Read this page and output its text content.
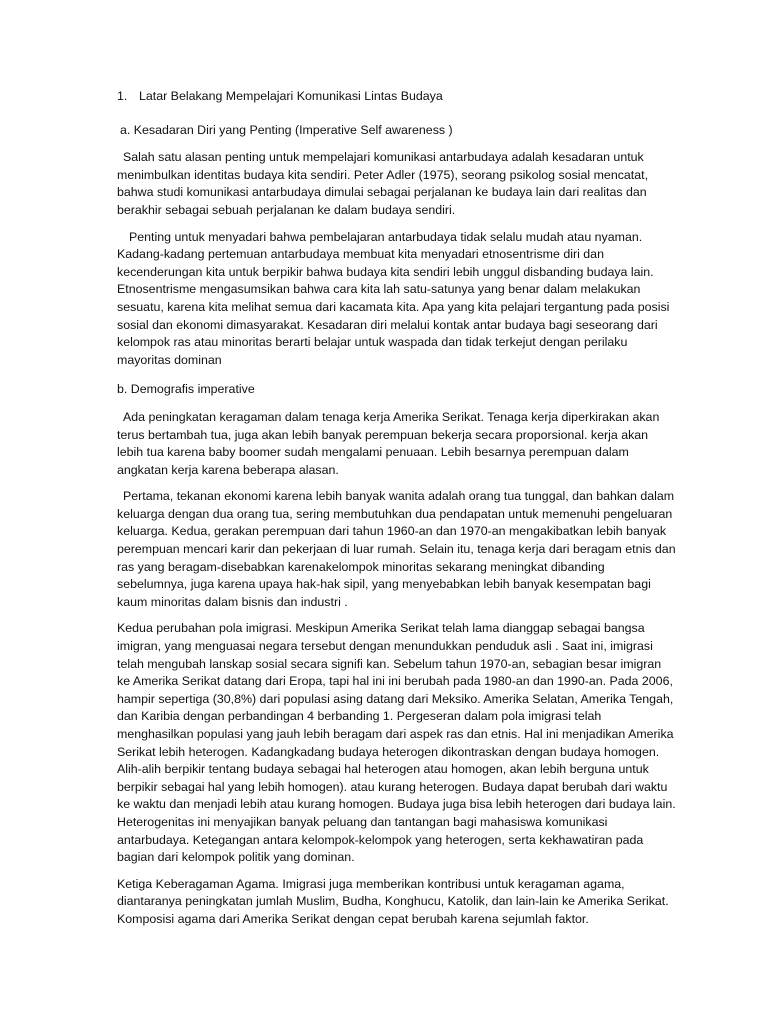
1. Latar Belakang Mempelajari Komunikasi Lintas Budaya

a. Kesadaran Diri yang Penting (Imperative Self awareness )

Salah satu alasan penting untuk mempelajari komunikasi antarbudaya adalah kesadaran untuk menimbulkan identitas budaya kita sendiri. Peter Adler (1975), seorang psikolog sosial mencatat, bahwa studi komunikasi antarbudaya dimulai sebagai perjalanan ke budaya lain dari realitas dan berakhir sebagai sebuah perjalanan ke dalam budaya sendiri.

Penting untuk menyadari bahwa pembelajaran antarbudaya tidak selalu mudah atau nyaman. Kadang-kadang pertemuan antarbudaya membuat kita menyadari etnosentrisme diri dan kecenderungan kita untuk berpikir bahwa budaya kita sendiri lebih unggul disbanding budaya lain. Etnosentrisme mengasumsikan bahwa cara kita lah satu-satunya yang benar dalam melakukan sesuatu, karena kita melihat semua dari kacamata kita. Apa yang kita pelajari tergantung pada posisi sosial dan ekonomi dimasyarakat. Kesadaran diri melalui kontak antar budaya bagi seseorang dari kelompok ras atau minoritas berarti belajar untuk waspada dan tidak terkejut dengan perilaku mayoritas dominan

b. Demografis imperative

Ada peningkatan keragaman dalam tenaga kerja Amerika Serikat. Tenaga kerja diperkirakan akan terus bertambah tua, juga akan lebih banyak perempuan bekerja secara proporsional. kerja akan lebih tua karena baby boomer sudah mengalami penuaan. Lebih besarnya perempuan dalam angkatan kerja karena beberapa alasan.

Pertama, tekanan ekonomi karena lebih banyak wanita adalah orang tua tunggal, dan bahkan dalam keluarga dengan dua orang tua, sering membutuhkan dua pendapatan untuk memenuhi pengeluaran keluarga. Kedua, gerakan perempuan dari tahun 1960-an dan 1970-an mengakibatkan lebih banyak perempuan mencari karir dan pekerjaan di luar rumah. Selain itu, tenaga kerja dari beragam etnis dan ras yang beragam-disebabkan karenakelompok minoritas sekarang meningkat dibanding sebelumnya, juga karena upaya hak-hak sipil, yang menyebabkan lebih banyak kesempatan bagi kaum minoritas dalam bisnis dan industri .

Kedua perubahan pola imigrasi. Meskipun Amerika Serikat telah lama dianggap sebagai bangsa imigran, yang menguasai negara tersebut dengan menundukkan penduduk asli . Saat ini, imigrasi telah mengubah lanskap sosial secara signifi kan. Sebelum tahun 1970-an, sebagian besar imigran ke Amerika Serikat datang dari Eropa, tapi hal ini ini berubah pada 1980-an dan 1990-an. Pada 2006, hampir sepertiga (30,8%) dari populasi asing datang dari Meksiko. Amerika Selatan, Amerika Tengah, dan Karibia dengan perbandingan 4 berbanding 1. Pergeseran dalam pola imigrasi telah menghasilkan populasi yang jauh lebih beragam dari aspek ras dan etnis. Hal ini menjadikan Amerika Serikat lebih heterogen. Kadangkadang budaya heterogen dikontraskan dengan budaya homogen. Alih-alih berpikir tentang budaya sebagai hal heterogen atau homogen, akan lebih berguna untuk berpikir sebagai hal yang lebih homogen). atau kurang heterogen. Budaya dapat berubah dari waktu ke waktu dan menjadi lebih atau kurang homogen. Budaya juga bisa lebih heterogen dari budaya lain. Heterogenitas ini menyajikan banyak peluang dan tantangan bagi mahasiswa komunikasi antarbudaya. Ketegangan antara kelompok-kelompok yang heterogen, serta kekhawatiran pada bagian dari kelompok politik yang dominan.

Ketiga Keberagaman Agama. Imigrasi juga memberikan kontribusi untuk keragaman agama, diantaranya peningkatan jumlah Muslim, Budha, Konghucu, Katolik, dan lain-lain ke Amerika Serikat. Komposisi agama dari Amerika Serikat dengan cepat berubah karena sejumlah faktor.
